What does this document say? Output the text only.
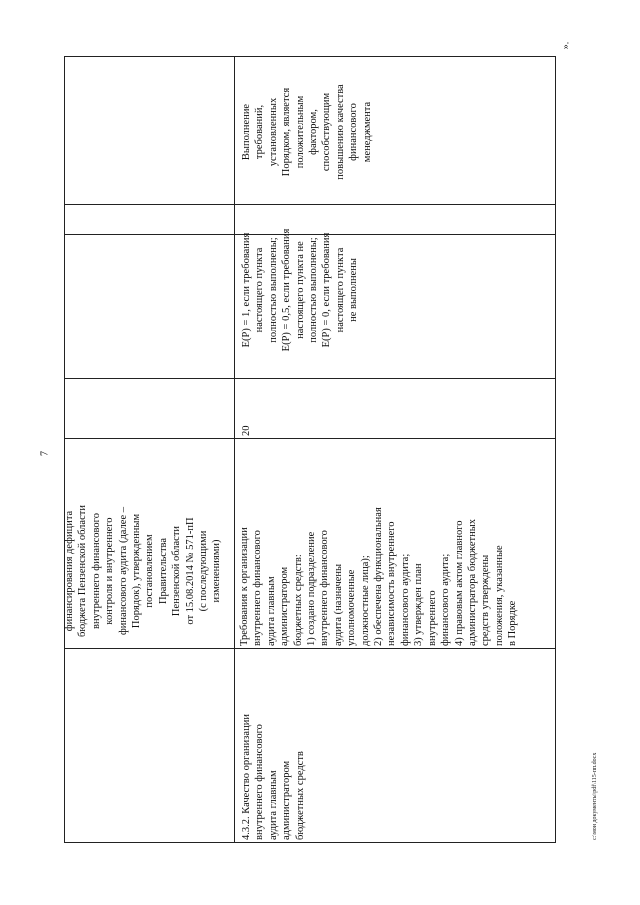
7
».
c:\мои документы\pdf\115-пп.docx
финансирования дефицита бюджета Пензенской области внутреннего финансового контроля и внутреннего финансового аудита (далее – Порядок), утвержденным постановлением Правительства Пензенской области от 15.08.2014 № 571-пП (с последующими изменениями)
4.3.2. Качество организации внутреннего финансового аудита главным администратором бюджетных средств
Требования к организации внутреннего финансового аудита главным администратором бюджетных средств: 1) создано подразделение внутреннего финансового аудита (назначены уполномоченные должностные лица); 2) обеспечена функциональная независимость внутреннего финансового аудита; 3) утвержден план внутреннего финансового аудита; 4) правовым актом главного администратора бюджетных средств утверждены положения, указанные в Порядке
20
E(P) = 1, если требования настоящего пункта полностью выполнены; E(P) = 0,5, если требования настоящего пункта не полностью выполнены; E(P) = 0, если требования настоящего пункта не выполнены
Выполнение требований, установленных Порядком, является положительным фактором, способствующим повышению качества финансового менеджмента
